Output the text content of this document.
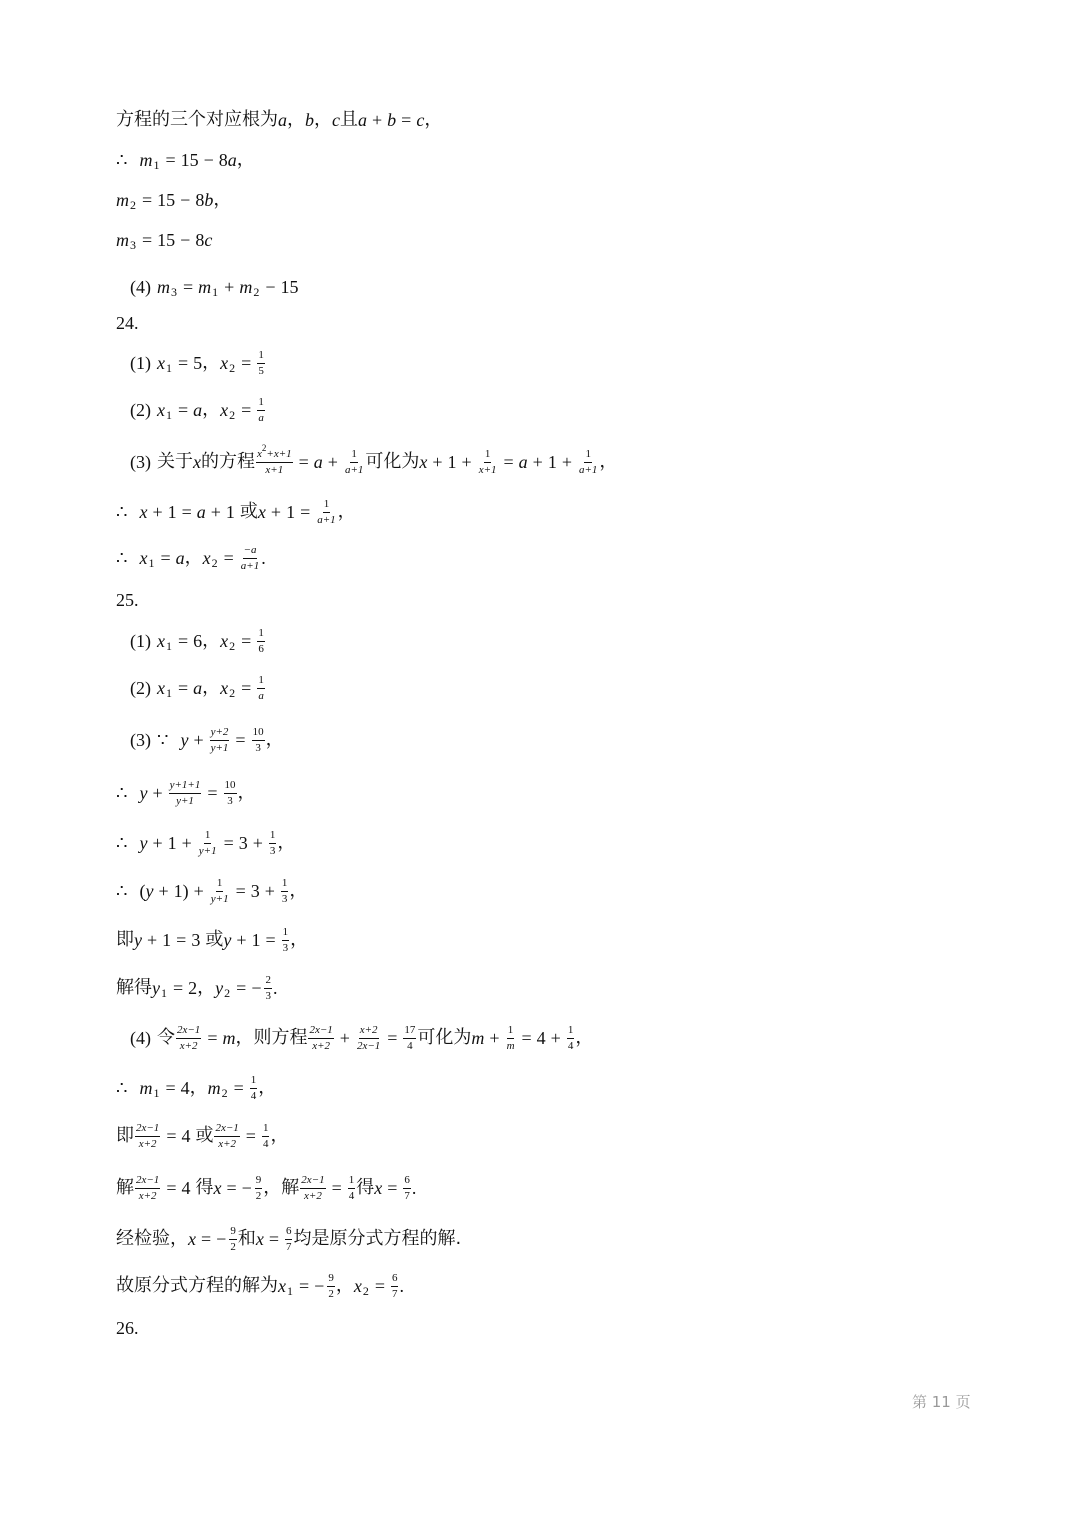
方程的三个对应根为 a ， b ， c 且 a + b = c ，
∴ m 1 = 15 − 8 a ，
m 2 = 15 − 8 b ，
m 3 = 15 − 8 c
(4) m 3 = m 1 + m 2 − 15
24.
(1) x 1 = 5 ， x $2 = \frac{1}{5}$
(2) x 1 = a ， x $2 = \frac{1}{a}$
(3) 关于 x 的方程 $\frac{x^2+x+1}{x+1} = a + \frac{1}{a+1}$ 可化为 $x + 1 + \frac{1}{x+1} = a + 1 + \frac{1}{a+1}$ ，
∴ x + 1 = a + 1 或 $x + 1 = \frac{1}{a+1}$ ，
∴ x 1 = a ， x $2 = \frac{-a}{a+1}$ .
25.
(1) x 1 = 6 ， x $2 = \frac{1}{6}$
(2) x 1 = a ， x $2 = \frac{1}{a}$
(3) ∵ $y + \frac{y+2}{y+1} = \frac{10}{3}$ ，
∴ $y + \frac{y+1+1}{y+1} = \frac{10}{3}$ ，
∴ $y + 1 + \frac{1}{y+1} = 3 + \frac{1}{3}$ ，
∴ ( y + 1 ) + $\frac{1}{y+1} = 3 + \frac{1}{3}$ ，
即 y + 1 = 3 或 $y + 1 = \frac{1}{3}$ ，
解得 y 1 = 2 ， y 2 = − $\frac{2}{3}$ .
(4) 令 $\frac{2x-1}{x+2} = m$ ，则方程 $\frac{2x-1}{x+2} + \frac{x+2}{2x-1} = \frac{17}{4}$ 可化为 $m + \frac{1}{m} = 4 + \frac{1}{4}$ ，
∴ m 1 = 4 ， m $2 = \frac{1}{4}$ ，
即 $\frac{2x-1}{x+2} = 4$ 或 $\frac{2x-1}{x+2} = \frac{1}{4}$ ，
解 $\frac{2x-1}{x+2} = 4$ 得 x = − $\frac{9}{2}$ ， 解 $\frac{2x-1}{x+2} = \frac{1}{4}$ 得 $x = \frac{6}{7}$ .
经检验， x = − $\frac{9}{2}$ 和 $x = \frac{6}{7}$ 均是原分式方程的解.
故原分式方程的解为 x 1 = − $\frac{9}{2}$ ， x $2 = \frac{6}{7}$ .
26.
第 11 页
